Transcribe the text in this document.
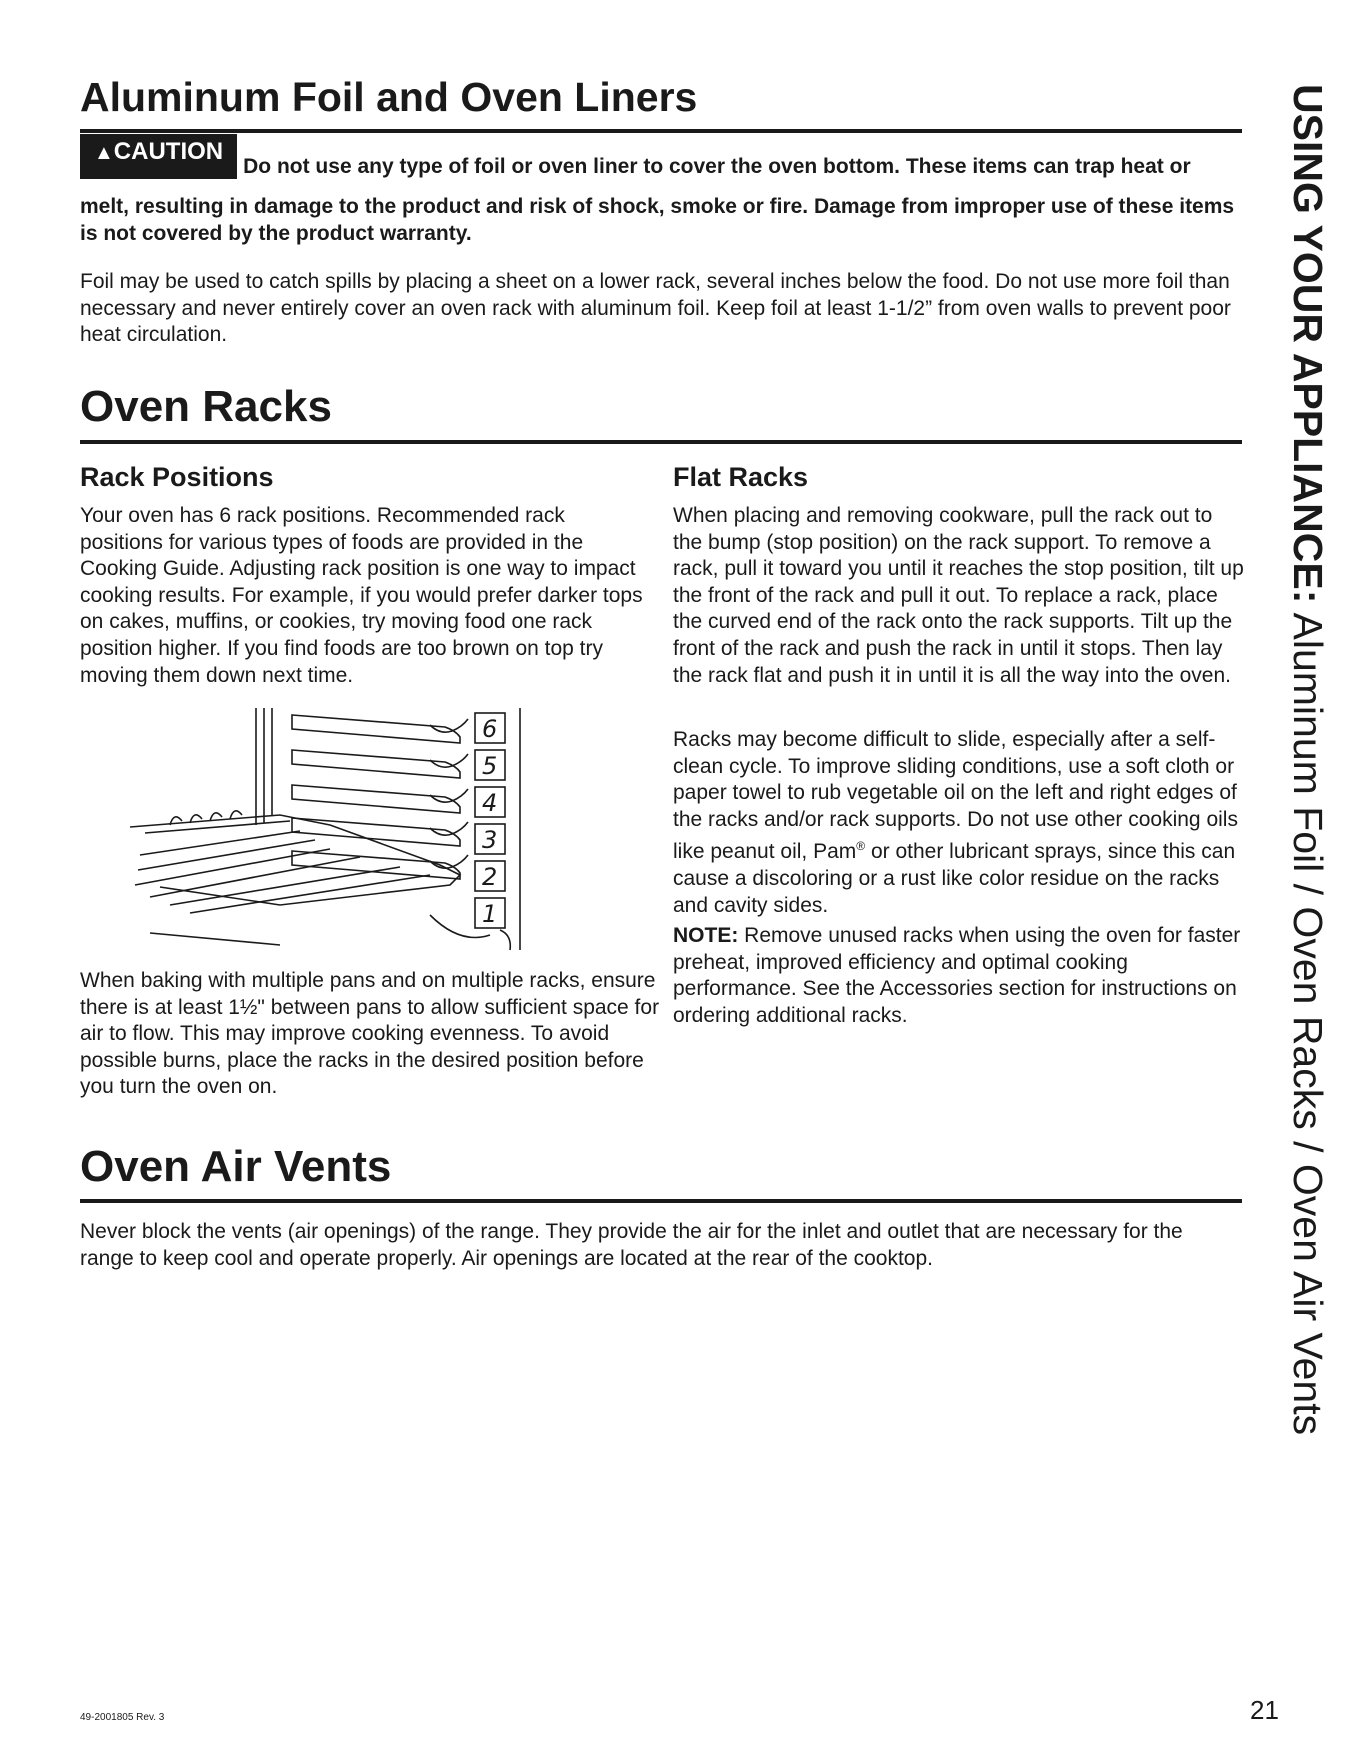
Aluminum Foil and Oven Liners

▲CAUTIONDo not use any type of foil or oven liner to cover the oven bottom. These items can trap heat or melt, resulting in damage to the product and risk of shock, smoke or fire. Damage from improper use of these items is not covered by the product warranty.

Foil may be used to catch spills by placing a sheet on a lower rack, several inches below the food. Do not use more foil than necessary and never entirely cover an oven rack with aluminum foil. Keep foil at least 1-1/2” from oven walls to prevent poor heat circulation.

Oven Racks
Rack Positions

Your oven has 6 rack positions. Recommended rack positions for various types of foods are provided in the Cooking Guide. Adjusting rack position is one way to impact cooking results. For example, if you would prefer darker tops on cakes, muffins, or cookies, try moving food one rack position higher. If you find foods are too brown on top try moving them down next time.

6
5
4
3
2
1

When baking with multiple pans and on multiple racks, ensure there is at least 1½" between pans to allow sufficient space for air to flow. This may improve cooking evenness. To avoid possible burns, place the racks in the desired position before you turn the oven on.

Flat Racks

When placing and removing cookware, pull the rack out to the bump (stop position) on the rack support. To remove a rack, pull it toward you until it reaches the stop position, tilt up the front of the rack and pull it out. To replace a rack, place the curved end of the rack onto the rack supports. Tilt up the front of the rack and push the rack in until it stops. Then lay the rack flat and push it in until it is all the way into the oven.

Racks may become difficult to slide, especially after a self-clean cycle. To improve sliding conditions, use a soft cloth or paper towel to rub vegetable oil on the left and right edges of the racks and/or rack supports. Do not use other cooking oils like peanut oil, Pam® or other lubricant sprays, since this can cause a discoloring or a rust like color residue on the racks and cavity sides.

NOTE: Remove unused racks when using the oven for faster preheat, improved efficiency and optimal cooking performance. See the Accessories section for instructions on ordering additional racks.

Oven Air Vents

Never block the vents (air openings) of the range. They provide the air for the inlet and outlet that are necessary for the range to keep cool and operate properly. Air openings are located at the rear of the cooktop.

USING YOUR APPLIANCE: Aluminum Foil / Oven Racks / Oven Air Vents
49-2001805 Rev. 3	21
